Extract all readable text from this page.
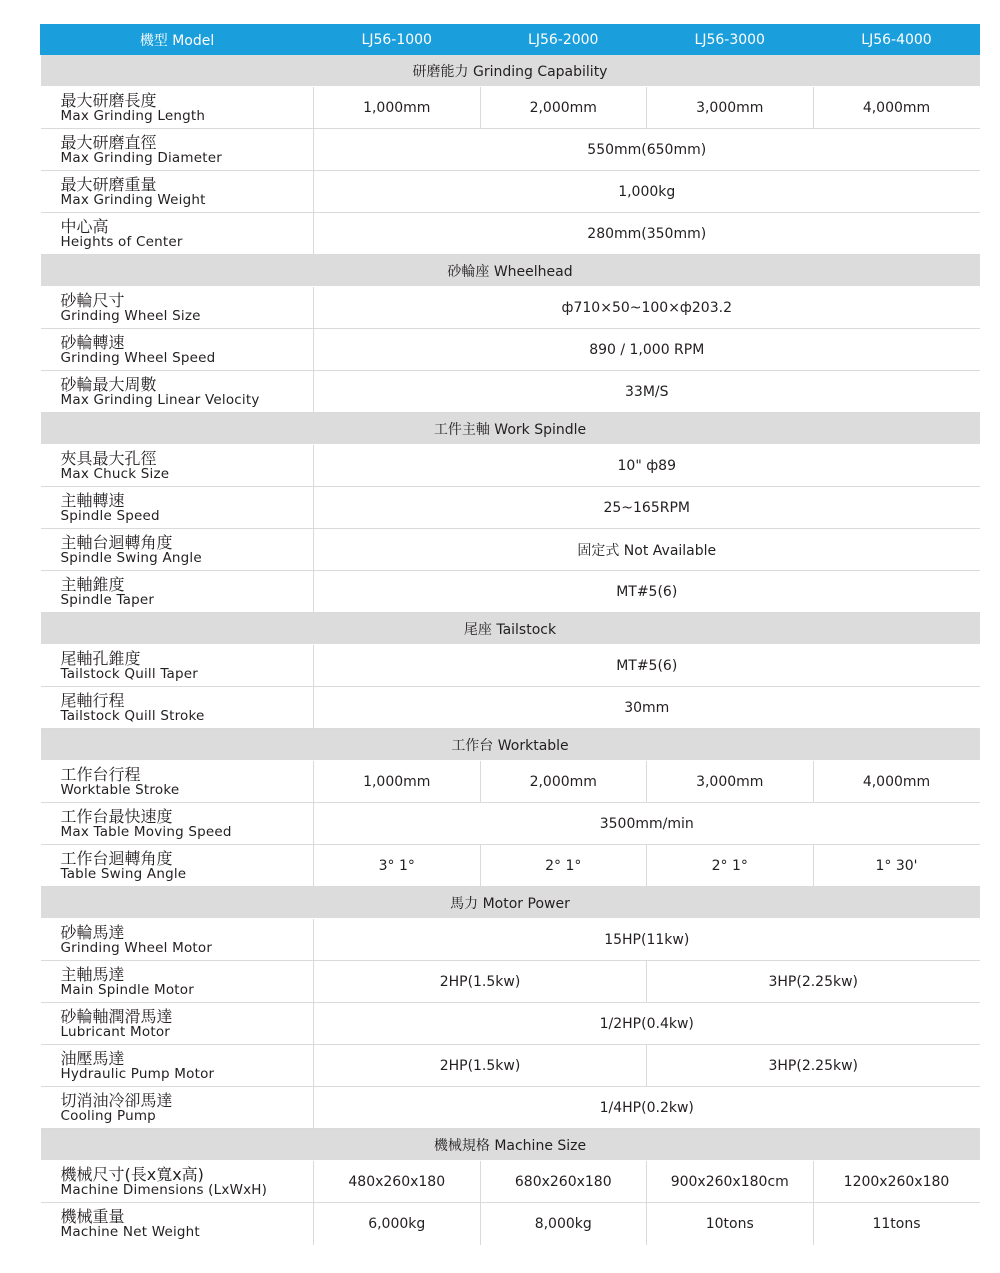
機型 Model	LJ56-1000	LJ56-2000	LJ56-3000	LJ56-4000
研磨能力 Grinding Capability				

最大研磨長度
Max Grinding Length	1,000mm	2,000mm	3,000mm	4,000mm

最大研磨直徑
Max Grinding Diameter	550mm(650mm)			

最大研磨重量
Max Grinding Weight	1,000kg			

中心高
Heights of Center	280mm(350mm)			
砂輪座 Wheelhead				

砂輪尺寸
Grinding Wheel Size	ф710×50~100×ф203.2			

砂輪轉速
Grinding Wheel Speed	890 / 1,000 RPM			

砂輪最大周數
Max Grinding Linear Velocity	33M/S			
工件主軸 Work Spindle				

夾具最大孔徑
Max Chuck Size	10" ф89			

主軸轉速
Spindle Speed	25~165RPM			

主軸台迴轉角度
Spindle Swing Angle	固定式 Not Available			

主軸錐度
Spindle Taper	MT#5(6)			
尾座 Tailstock				

尾軸孔錐度
Tailstock Quill Taper	MT#5(6)			

尾軸行程
Tailstock Quill Stroke	30mm			
工作台 Worktable				

工作台行程
Worktable Stroke	1,000mm	2,000mm	3,000mm	4,000mm

工作台最快速度
Max Table Moving Speed	3500mm/min			

工作台迴轉角度
Table Swing Angle	3° 1°	2° 1°	2° 1°	1° 30'
馬力 Motor Power				

砂輪馬達
Grinding Wheel Motor	15HP(11kw)			

主軸馬達
Main Spindle Motor	2HP(1.5kw)		3HP(2.25kw)	

砂輪軸潤滑馬達
Lubricant Motor	1/2HP(0.4kw)			

油壓馬達
Hydraulic Pump Motor	2HP(1.5kw)		3HP(2.25kw)	

切消油冷卻馬達
Cooling Pump	1/4HP(0.2kw)			
機械規格 Machine Size				

機械尺寸(長x寬x高)
Machine Dimensions (LxWxH)	480x260x180	680x260x180	900x260x180cm	1200x260x180

機械重量
Machine Net Weight	6,000kg	8,000kg	10tons	11tons
